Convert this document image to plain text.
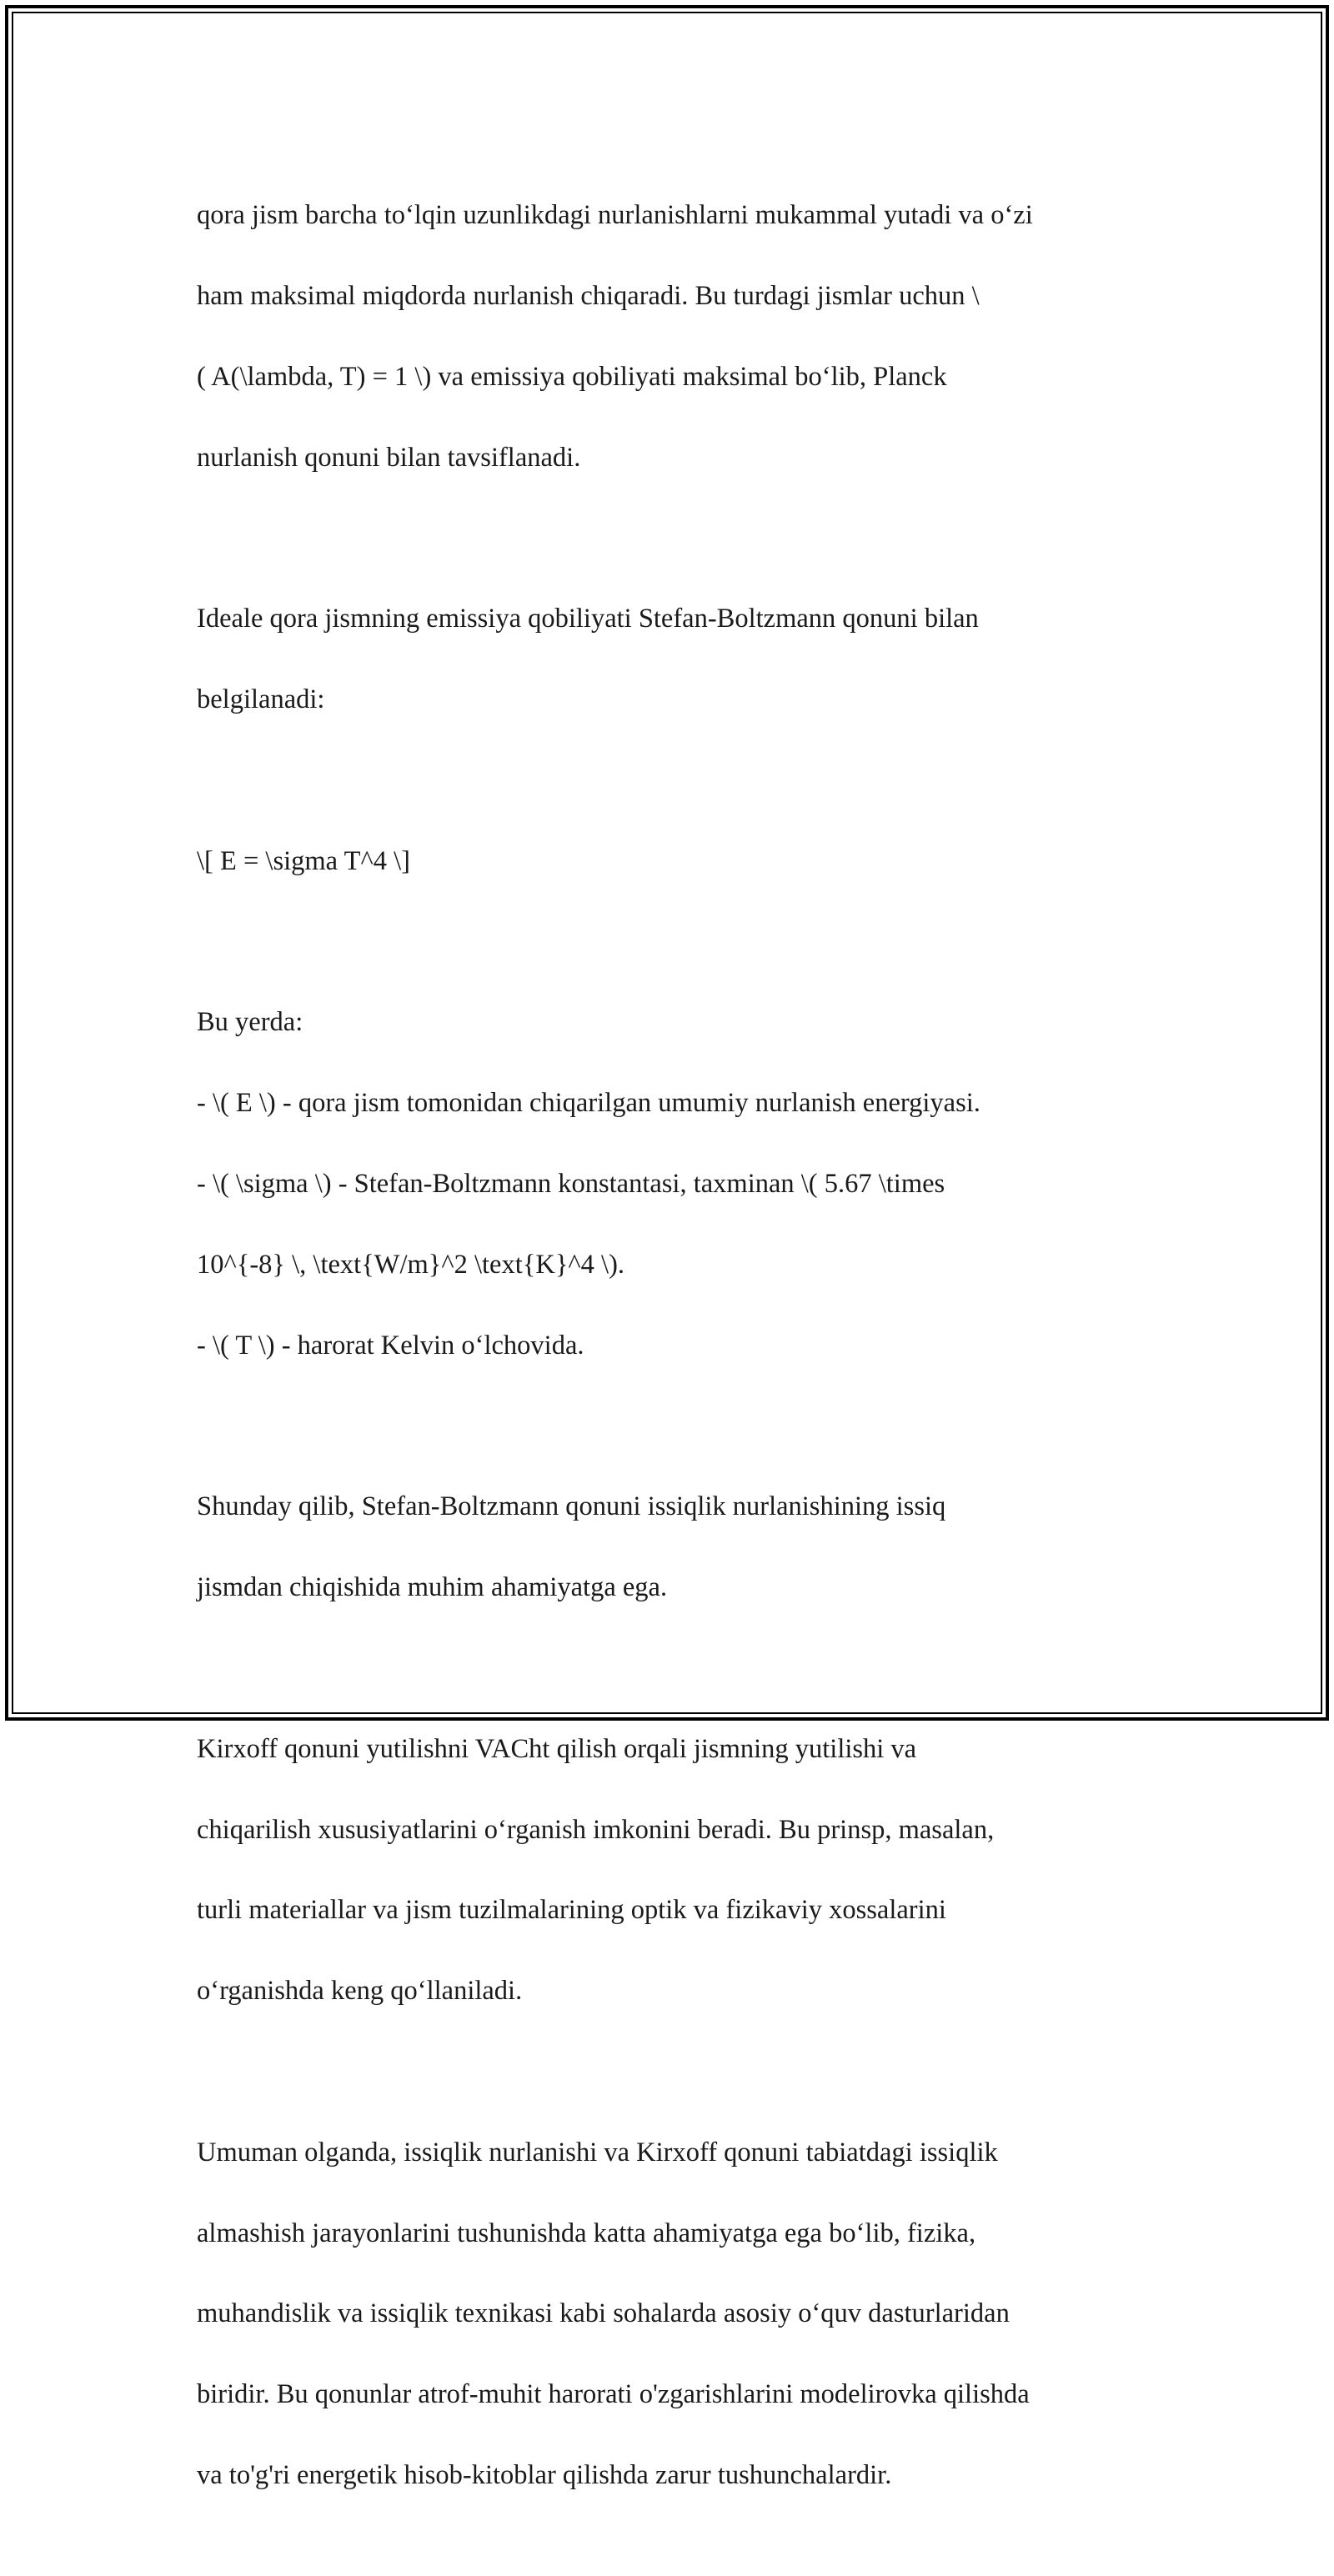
qora jism barcha to‘lqin uzunlikdagi nurlanishlarni mukammal yutadi va o‘zi

ham maksimal miqdorda nurlanish chiqaradi. Bu turdagi jismlar uchun \

( A(\lambda, T) = 1 \) va emissiya qobiliyati maksimal bo‘lib, Planck

nurlanish qonuni bilan tavsiflanadi.

Ideale qora jismning emissiya qobiliyati Stefan-Boltzmann qonuni bilan

belgilanadi:

\[ E = \sigma T^4 \]

Bu yerda:

- \( E \) - qora jism tomonidan chiqarilgan umumiy nurlanish energiyasi.

- \( \sigma \) - Stefan-Boltzmann konstantasi, taxminan \( 5.67 \times

10^{-8} \, \text{W/m}^2 \text{K}^4 \).

- \( T \) - harorat Kelvin o‘lchovida.

Shunday qilib, Stefan-Boltzmann qonuni issiqlik nurlanishining issiq

jismdan chiqishida muhim ahamiyatga ega.

Kirxoff qonuni yutilishni VACht qilish orqali jismning yutilishi va

chiqarilish xususiyatlarini o‘rganish imkonini beradi. Bu prinsp, masalan,

turli materiallar va jism tuzilmalarining optik va fizikaviy xossalarini

o‘rganishda keng qo‘llaniladi.

Umuman olganda, issiqlik nurlanishi va Kirxoff qonuni tabiatdagi issiqlik

almashish jarayonlarini tushunishda katta ahamiyatga ega bo‘lib, fizika,

muhandislik va issiqlik texnikasi kabi sohalarda asosiy o‘quv dasturlaridan

biridir. Bu qonunlar atrof-muhit harorati o'zgarishlarini modelirovka qilishda

va to'g'ri energetik hisob-kitoblar qilishda zarur tushunchalardir.
